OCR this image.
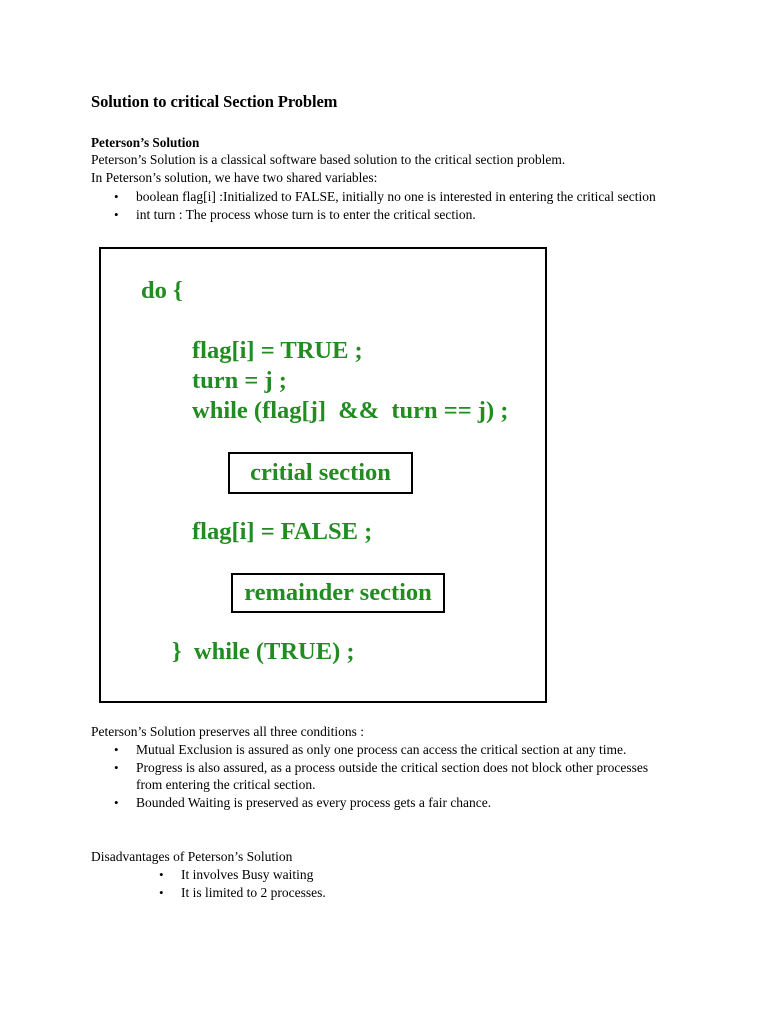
Solution to critical Section Problem
Peterson’s Solution
Peterson’s Solution is a classical software based solution to the critical section problem.
In Peterson’s solution, we have two shared variables:
• boolean flag[i] :Initialized to FALSE, initially no one is interested in entering the critical section
• int turn : The process whose turn is to enter the critical section.
do {
flag[i] = TRUE ;
turn = j ;
while (flag[j]  &&  turn == j) ;
critial section
flag[i] = FALSE ;
remainder section
}  while (TRUE) ;
Peterson’s Solution preserves all three conditions :
• Mutual Exclusion is assured as only one process can access the critical section at any time.
• Progress is also assured, as a process outside the critical section does not block other processes from entering the critical section.
• Bounded Waiting is preserved as every process gets a fair chance.
Disadvantages of Peterson’s Solution
• It involves Busy waiting
• It is limited to 2 processes.
